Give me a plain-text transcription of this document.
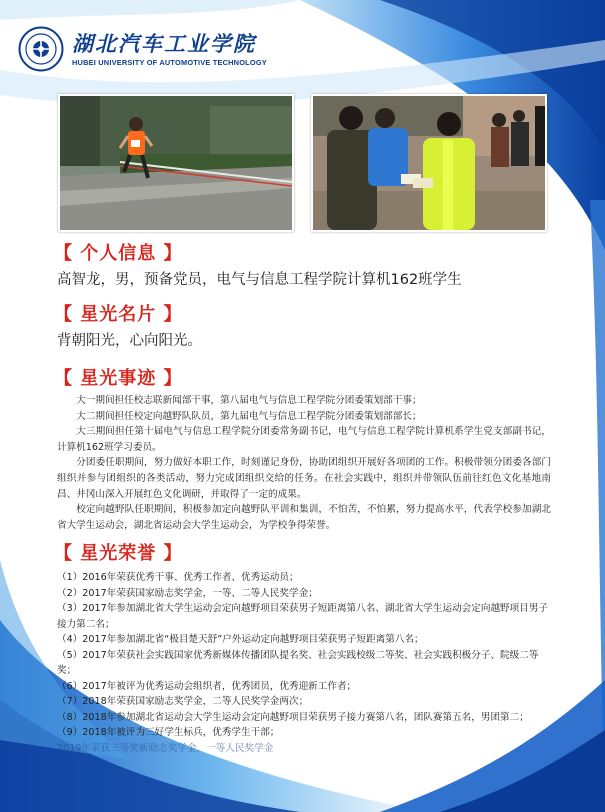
湖北汽车工业学院
HUBEI UNIVERSITY OF AUTOMOTIVE TECHNOLOGY
【 个人信息 】
高智龙，男，预备党员，电气与信息工程学院计算机162班学生
【 星光名片 】
背朝阳光，心向阳光。
【 星光事迹 】

大一期间担任校志联新闻部干事，第八届电气与信息工程学院分团委策划部干事；

大二期间担任校定向越野队队员，第九届电气与信息工程学院分团委策划部部长；

大三期间担任第十届电气与信息工程学院分团委常务副书记，电气与信息工程学院计算机系学生党支部副书记，计算机162班学习委员。

分团委任职期间，努力做好本职工作，时刻谨记身份，协助团组织开展好各项团的工作。积极带领分团委各部门组织并参与团组织的各类活动，努力完成团组织交给的任务。在社会实践中，组织并带领队伍前往红色文化基地南昌、井冈山深入开展红色文化调研，并取得了一定的成果。

校定向越野队任职期间，积极参加定向越野队平训和集训，不怕苦，不怕累，努力提高水平，代表学校参加湖北省大学生运动会，湖北省运动会大学生运动会，为学校争得荣誉。

【 星光荣誉 】
（1）2016年荣获优秀干事、优秀工作者、优秀运动员；
（2）2017年荣获国家励志奖学金，一等、二等人民奖学金；
（3）2017年参加湖北省大学生运动会定向越野项目荣获男子短距离第八名、湖北省大学生运动会定向越野项目男子接力第二名；
（4）2017年参加湖北省“极目楚天舒”户外运动定向越野项目荣获男子短距离第八名；
（5）2017年荣获社会实践国家优秀新媒体传播团队提名奖、社会实践校级二等奖、社会实践积极分子、院级二等奖；
（6）2017年被评为优秀运动会组织者，优秀团员，优秀迎新工作者；
（7）2018年荣获国家励志奖学金，二等人民奖学金两次；
（8）2018年参加湖北省运动会大学生运动会定向越野项目荣获男子接力赛第八名，团队赛第五名，男团第二；
（9）2018年被评为三好学生标兵，优秀学生干部；
2019年荣获三等奖新励志奖学金，一等人民奖学金
